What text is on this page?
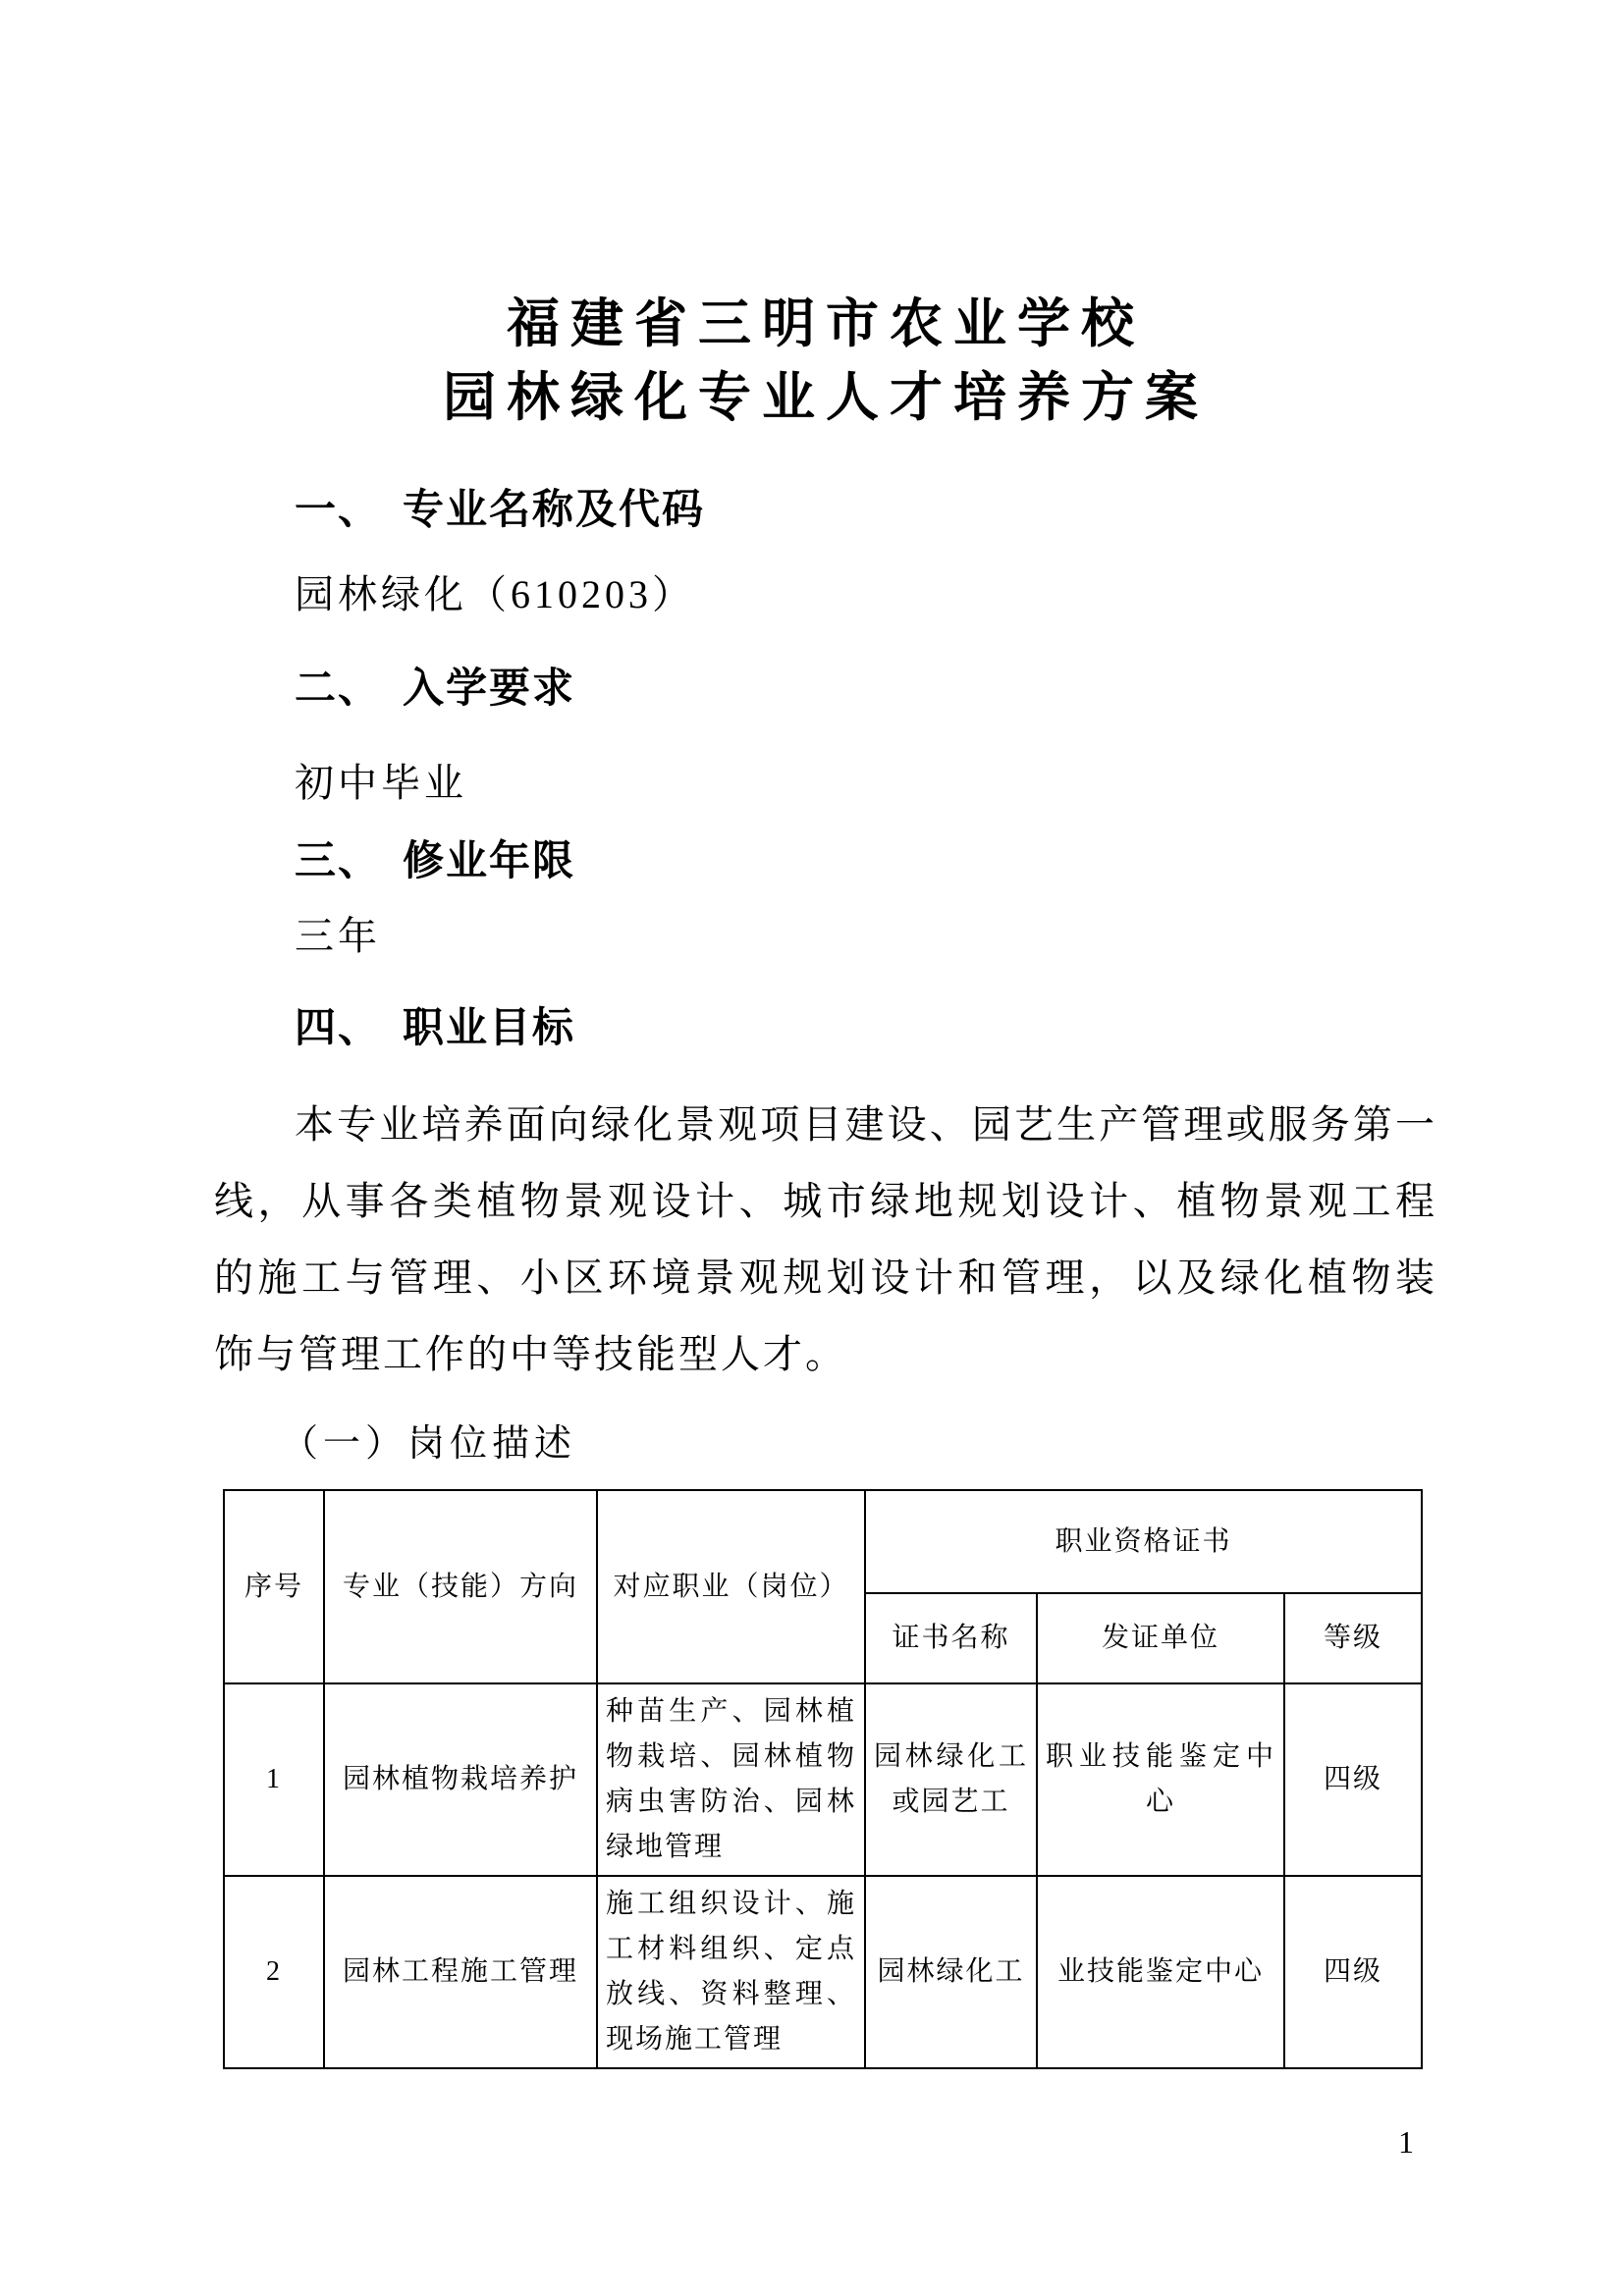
福建省三明市农业学校
园林绿化专业人才培养方案
一、 专业名称及代码
园林绿化（610203）
二、 入学要求
初中毕业
三、 修业年限
三年
四、 职业目标

本专业培养面向绿化景观项目建设、园艺生产管理或服务第一线，从事各类植物景观设计、城市绿地规划设计、植物景观工程的施工与管理、小区环境景观规划设计和管理，以及绿化植物装饰与管理工作的中等技能型人才。

（一）岗位描述
序号	专业（技能）方向	对应职业（岗位）	职业资格证书		
			证书名称	发证单位	等级
1	园林植物栽培养护	种苗生产、园林植物栽培、园林植物病虫害防治、园林绿地管理	园林绿化工或园艺工	职业技能鉴定中心	四级
2	园林工程施工管理	施工组织设计、施工材料组织、定点放线、资料整理、现场施工管理	园林绿化工	业技能鉴定中心	四级
1
